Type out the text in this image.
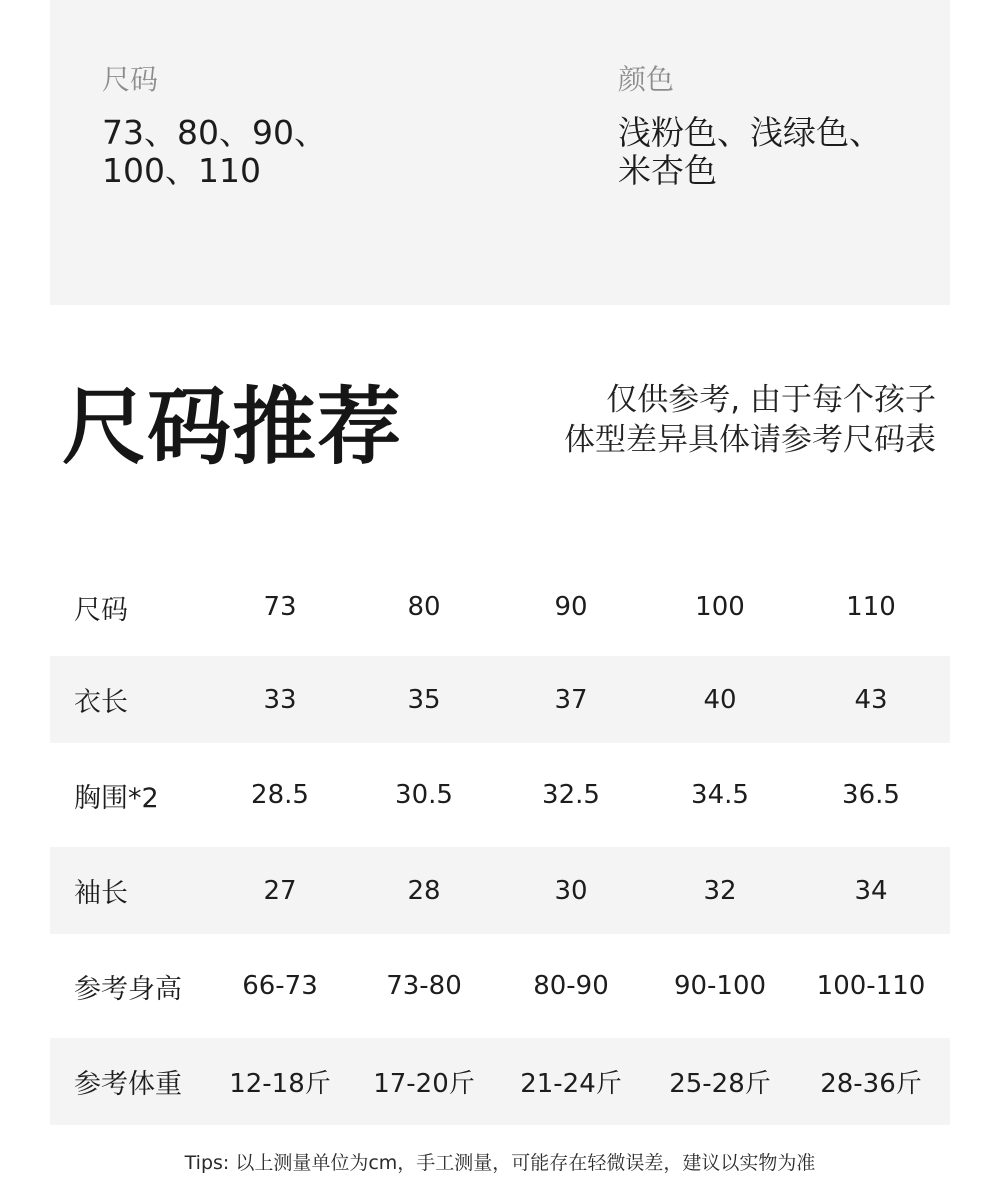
尺码
73、80、90、
100、110
颜色
浅粉色、浅绿色、
米杏色
尺码推荐	仅供参考, 由于每个孩子
体型差异具体请参考尺码表
尺码	73	80	90	100	110
衣长	33	35	37	40	43
胸围*2	28.5	30.5	32.5	34.5	36.5
袖长	27	28	30	32	34
参考身高	66-73	73-80	80-90	90-100	100-110
参考体重	12-18斤	17-20斤	21-24斤	25-28斤	28-36斤
Tips: 以上测量单位为cm，手工测量，可能存在轻微误差，建议以实物为准
